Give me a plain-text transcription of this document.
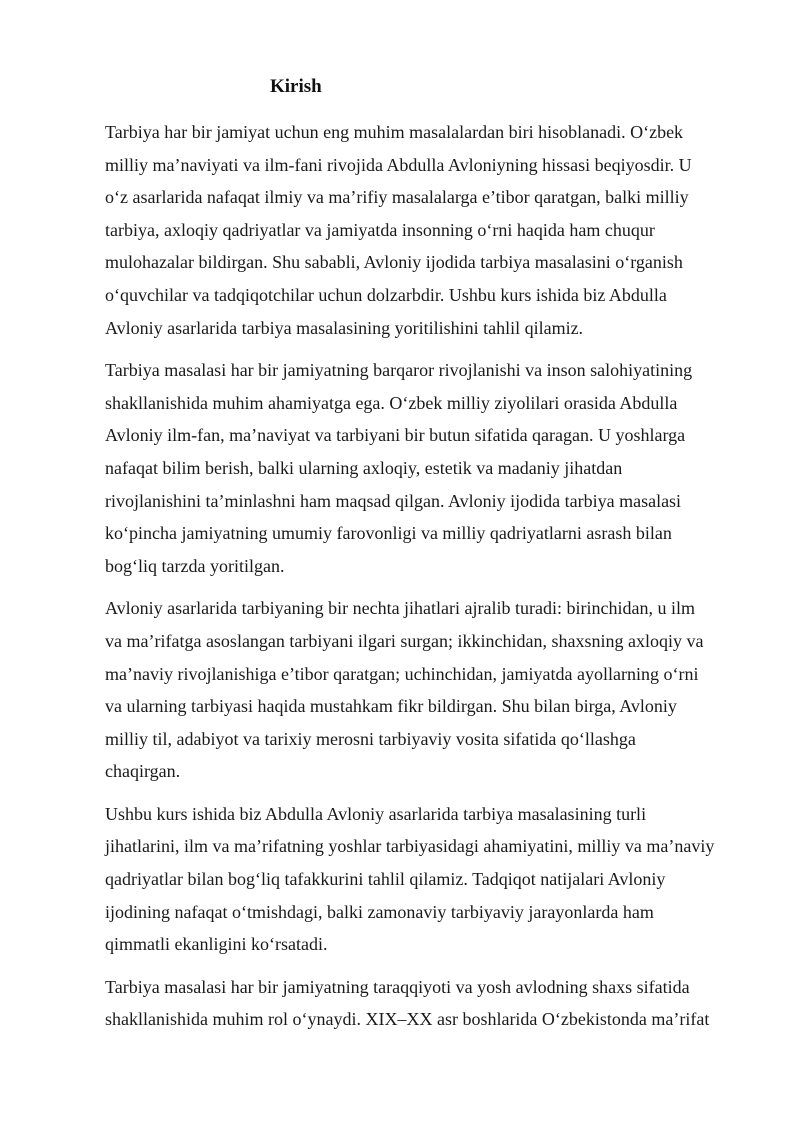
Kirish

Tarbiya har bir jamiyat uchun eng muhim masalalardan biri hisoblanadi. O‘zbek
milliy ma’naviyati va ilm-fani rivojida Abdulla Avloniyning hissasi beqiyosdir. U
o‘z asarlarida nafaqat ilmiy va ma’rifiy masalalarga e’tibor qaratgan, balki milliy
tarbiya, axloqiy qadriyatlar va jamiyatda insonning o‘rni haqida ham chuqur
mulohazalar bildirgan. Shu sababli, Avloniy ijodida tarbiya masalasini o‘rganish
o‘quvchilar va tadqiqotchilar uchun dolzarbdir. Ushbu kurs ishida biz Abdulla
Avloniy asarlarida tarbiya masalasining yoritilishini tahlil qilamiz.

Tarbiya masalasi har bir jamiyatning barqaror rivojlanishi va inson salohiyatining
shakllanishida muhim ahamiyatga ega. O‘zbek milliy ziyolilari orasida Abdulla
Avloniy ilm-fan, ma’naviyat va tarbiyani bir butun sifatida qaragan. U yoshlarga
nafaqat bilim berish, balki ularning axloqiy, estetik va madaniy jihatdan
rivojlanishini ta’minlashni ham maqsad qilgan. Avloniy ijodida tarbiya masalasi
ko‘pincha jamiyatning umumiy farovonligi va milliy qadriyatlarni asrash bilan
bog‘liq tarzda yoritilgan.

Avloniy asarlarida tarbiyaning bir nechta jihatlari ajralib turadi: birinchidan, u ilm
va ma’rifatga asoslangan tarbiyani ilgari surgan; ikkinchidan, shaxsning axloqiy va
ma’naviy rivojlanishiga e’tibor qaratgan; uchinchidan, jamiyatda ayollarning o‘rni
va ularning tarbiyasi haqida mustahkam fikr bildirgan. Shu bilan birga, Avloniy
milliy til, adabiyot va tarixiy merosni tarbiyaviy vosita sifatida qo‘llashga
chaqirgan.

Ushbu kurs ishida biz Abdulla Avloniy asarlarida tarbiya masalasining turli
jihatlarini, ilm va ma’rifatning yoshlar tarbiyasidagi ahamiyatini, milliy va ma’naviy
qadriyatlar bilan bog‘liq tafakkurini tahlil qilamiz. Tadqiqot natijalari Avloniy
ijodining nafaqat o‘tmishdagi, balki zamonaviy tarbiyaviy jarayonlarda ham
qimmatli ekanligini ko‘rsatadi.

Tarbiya masalasi har bir jamiyatning taraqqiyoti va yosh avlodning shaxs sifatida
shakllanishida muhim rol o‘ynaydi. XIX–XX asr boshlarida O‘zbekistonda ma’rifat
